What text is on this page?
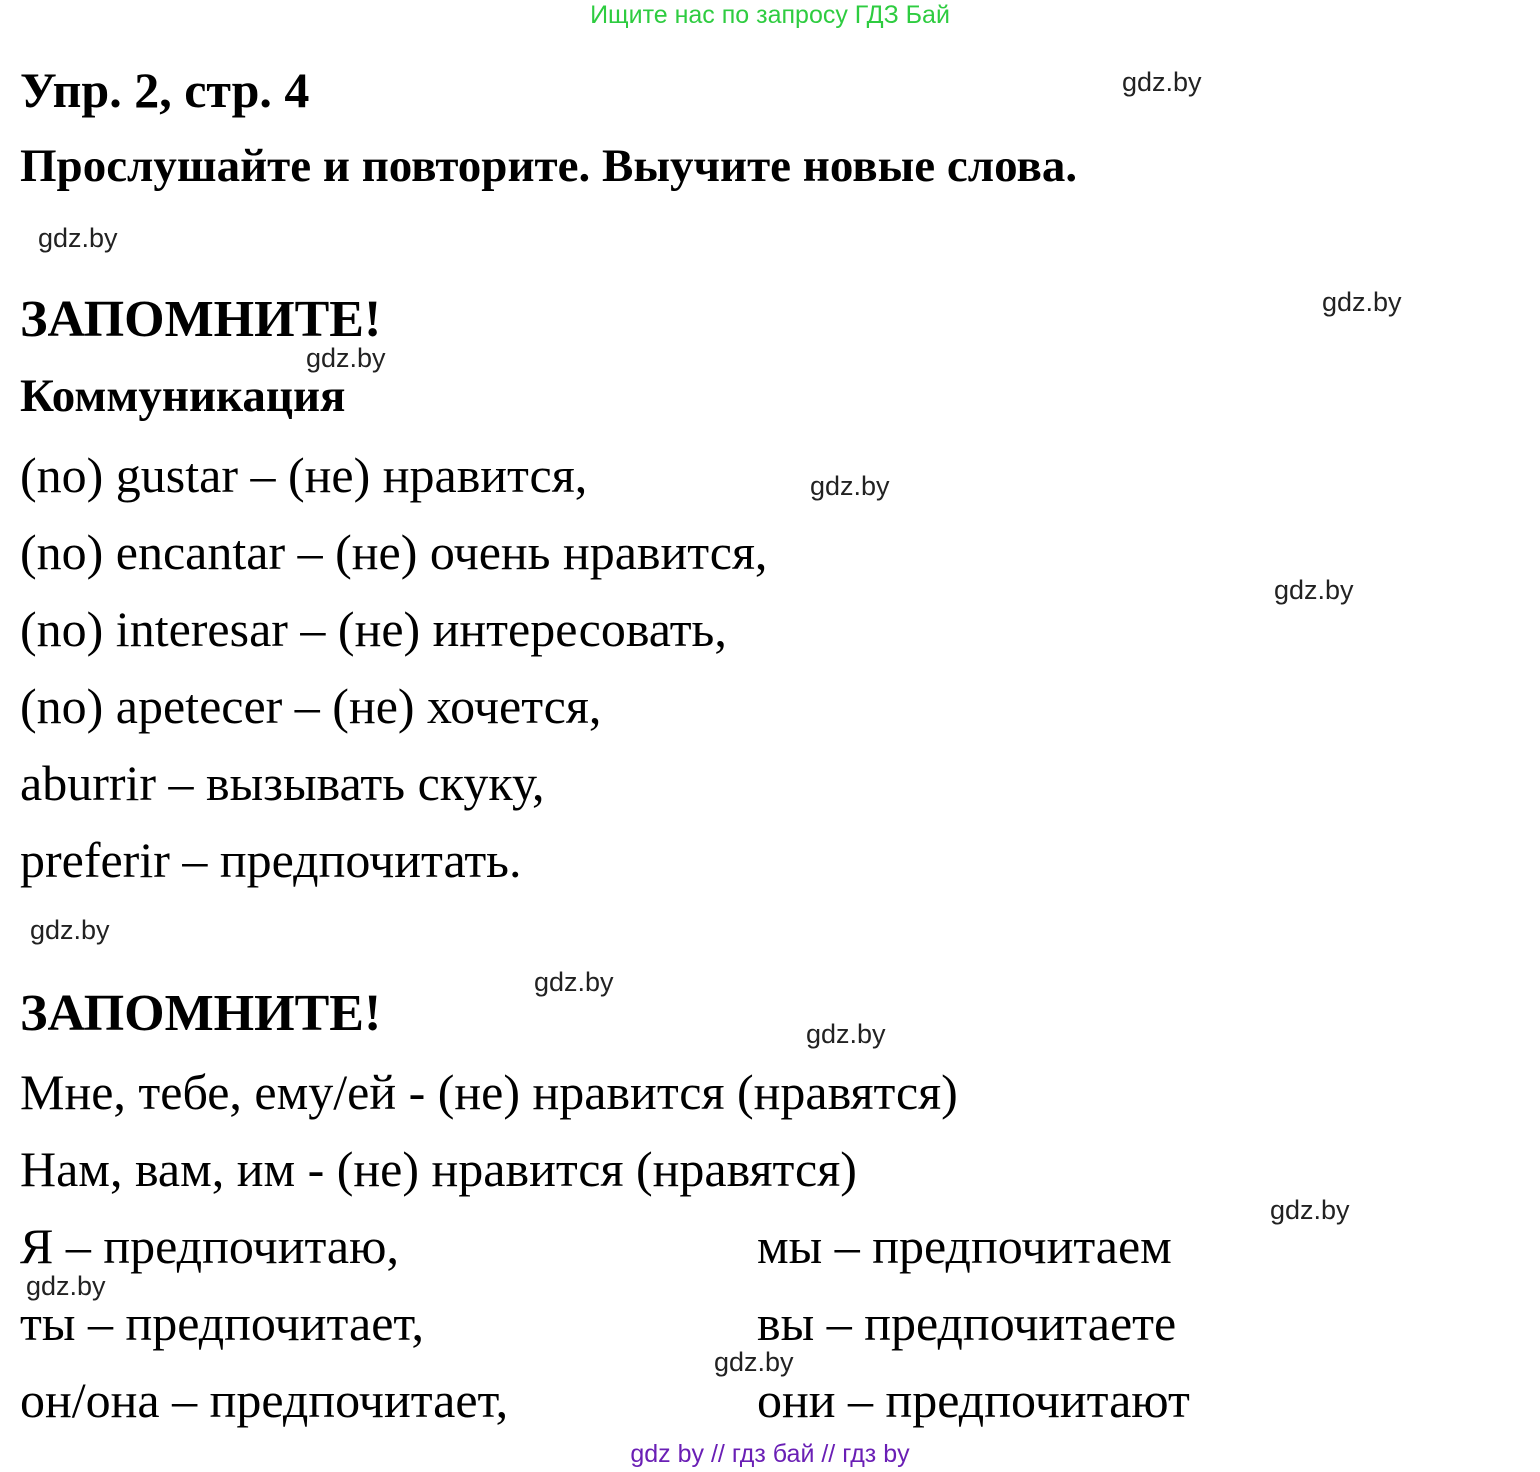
Ищите нас по запросу ГДЗ Бай
Упр. 2, стр. 4
Прослушайте и повторите. Выучите новые слова.
ЗАПОМНИТЕ!
Коммуникация
(no) gustar – (не) нравится,
(no) encantar – (не) очень нравится,
(no) interesar – (не) интересовать,
(no) apetecer – (не) хочется,
aburrir – вызывать скуку,
preferir – предпочитать.
ЗАПОМНИТЕ!
Мне, тебе, ему/ей - (не) нравится (нравятся)
Нам, вам, им - (не) нравится (нравятся)
Я – предпочитаю,	мы – предпочитаем
ты – предпочитает,	вы – предпочитаете
он/она – предпочитает,	они – предпочитают
gdz.by
gdz.by
gdz.by
gdz.by
gdz.by
gdz.by
gdz.by
gdz.by
gdz.by
gdz.by
gdz.by
gdz.by
gdz by // гдз бай // гдз by
